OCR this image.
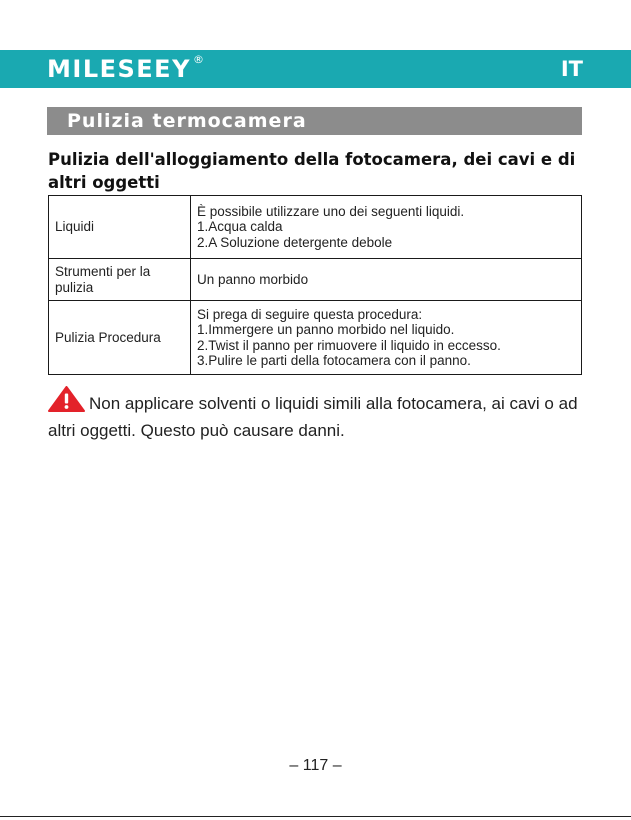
MILESEEY ®	IT
Pulizia termocamera
Pulizia dell'alloggiamento della fotocamera, dei cavi e di altri oggetti
Liquidi	È possibile utilizzare uno dei seguenti liquidi.
1.Acqua calda
2.A Soluzione detergente debole

Strumenti per la pulizia	Un panno morbido

Pulizia Procedura	Si prega di seguire questa procedura:
1.Immergere un panno morbido nel liquido.
2.Twist il panno per rimuovere il liquido in eccesso.
3.Pulire le parti della fotocamera con il panno.
Non applicare solventi o liquidi simili alla fotocamera, ai cavi o ad altri oggetti. Questo può causare danni.
– 117 –
